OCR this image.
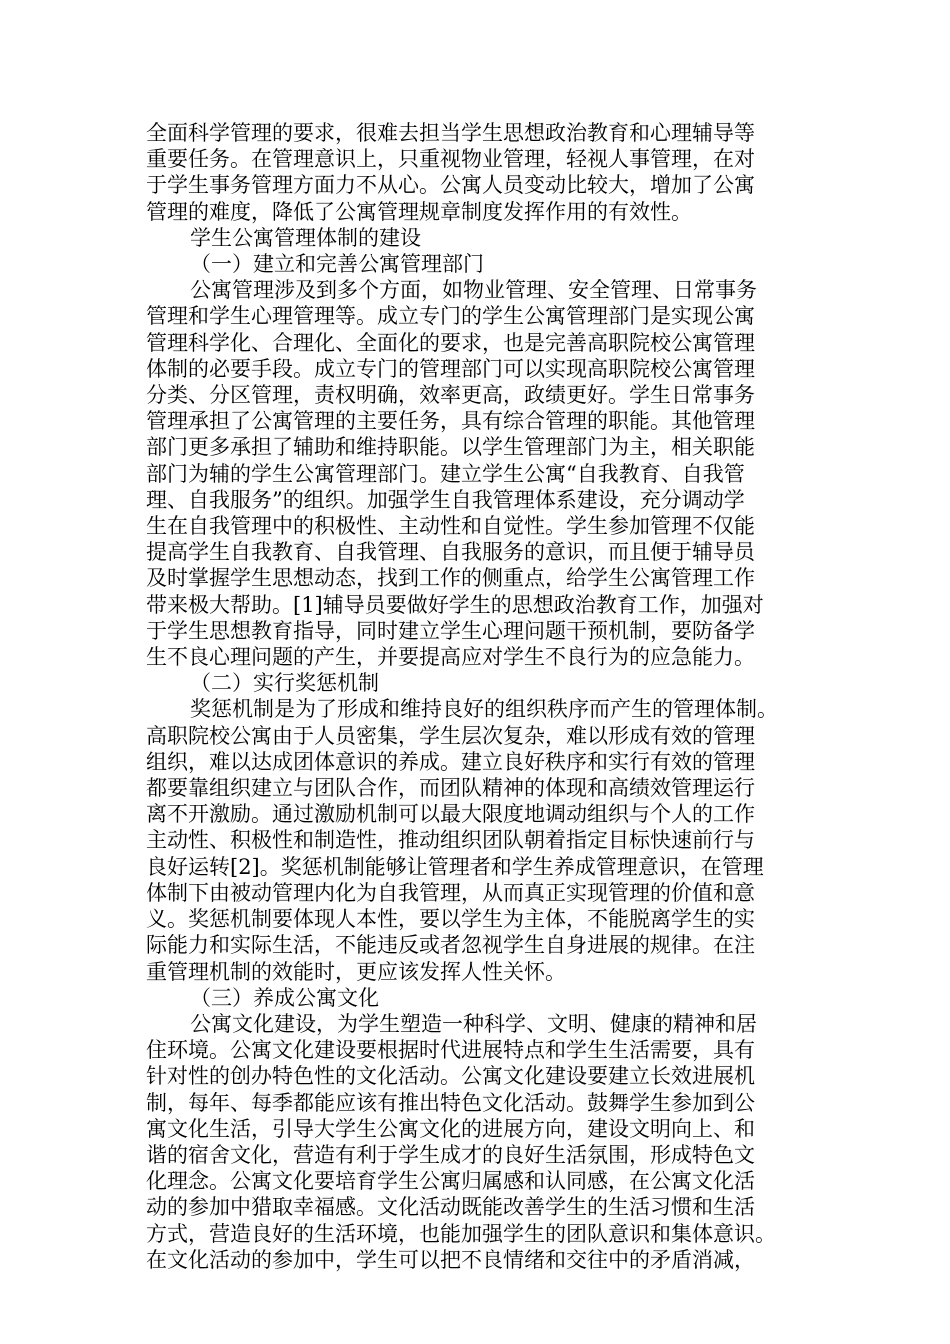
全面科学管理的要求，很难去担当学生思想政治教育和心理辅导等
重要任务。在管理意识上，只重视物业管理，轻视人事管理，在对
于学生事务管理方面力不从心。公寓人员变动比较大，增加了公寓
管理的难度，降低了公寓管理规章制度发挥作用的有效性。
学生公寓管理体制的建设
（一）建立和完善公寓管理部门
公寓管理涉及到多个方面，如物业管理、安全管理、日常事务
管理和学生心理管理等。成立专门的学生公寓管理部门是实现公寓
管理科学化、合理化、全面化的要求，也是完善高职院校公寓管理
体制的必要手段。成立专门的管理部门可以实现高职院校公寓管理
分类、分区管理，责权明确，效率更高，政绩更好。学生日常事务
管理承担了公寓管理的主要任务，具有综合管理的职能。其他管理
部门更多承担了辅助和维持职能。以学生管理部门为主，相关职能
部门为辅的学生公寓管理部门。建立学生公寓“自我教育、自我管
理、自我服务”的组织。加强学生自我管理体系建设，充分调动学
生在自我管理中的积极性、主动性和自觉性。学生参加管理不仅能
提高学生自我教育、自我管理、自我服务的意识，而且便于辅导员
及时掌握学生思想动态，找到工作的侧重点，给学生公寓管理工作
带来极大帮助。[1]辅导员要做好学生的思想政治教育工作，加强对
于学生思想教育指导，同时建立学生心理问题干预机制，要防备学
生不良心理问题的产生，并要提高应对学生不良行为的应急能力。
（二）实行奖惩机制
奖惩机制是为了形成和维持良好的组织秩序而产生的管理体制。
高职院校公寓由于人员密集，学生层次复杂，难以形成有效的管理
组织，难以达成团体意识的养成。建立良好秩序和实行有效的管理
都要靠组织建立与团队合作，而团队精神的体现和高绩效管理运行
离不开激励。通过激励机制可以最大限度地调动组织与个人的工作
主动性、积极性和制造性，推动组织团队朝着指定目标快速前行与
良好运转[2]。奖惩机制能够让管理者和学生养成管理意识，在管理
体制下由被动管理内化为自我管理，从而真正实现管理的价值和意
义。奖惩机制要体现人本性，要以学生为主体，不能脱离学生的实
际能力和实际生活，不能违反或者忽视学生自身进展的规律。在注
重管理机制的效能时，更应该发挥人性关怀。
（三）养成公寓文化
公寓文化建设，为学生塑造一种科学、文明、健康的精神和居
住环境。公寓文化建设要根据时代进展特点和学生生活需要，具有
针对性的创办特色性的文化活动。公寓文化建设要建立长效进展机
制，每年、每季都能应该有推出特色文化活动。鼓舞学生参加到公
寓文化生活，引导大学生公寓文化的进展方向，建设文明向上、和
谐的宿舍文化，营造有利于学生成才的良好生活氛围，形成特色文
化理念。公寓文化要培育学生公寓归属感和认同感，在公寓文化活
动的参加中猎取幸福感。文化活动既能改善学生的生活习惯和生活
方式，营造良好的生活环境，也能加强学生的团队意识和集体意识。
在文化活动的参加中，学生可以把不良情绪和交往中的矛盾消减，
